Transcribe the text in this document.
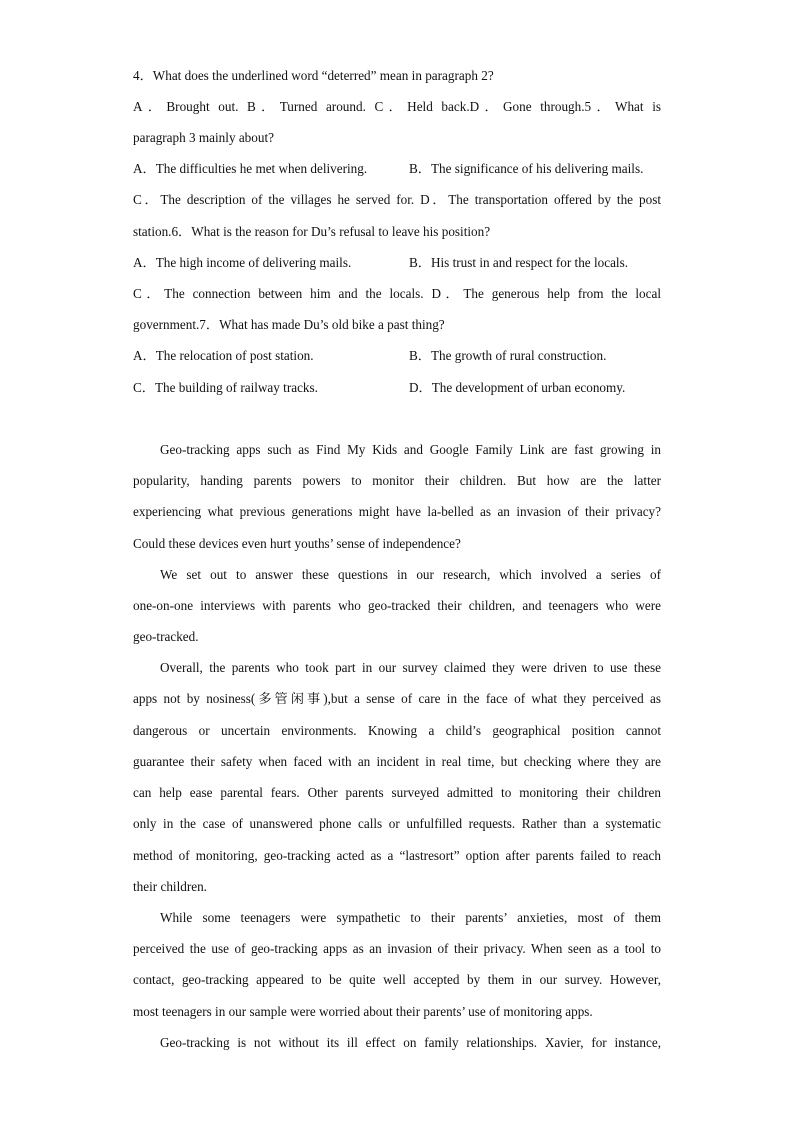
4．What does the underlined word “deterred” mean in paragraph 2?
A．Brought out. B．Turned around. C．Held back.D．Gone through.5．What is
paragraph 3 mainly about?
A．The difficulties he met when delivering.	B．The significance of his delivering mails.
C．The description of the villages he served for. D．The transportation offered by the post
station.6．What is the reason for Du’s refusal to leave his position?
A．The high income of delivering mails.	B．His trust in and respect for the locals.
C．The connection between him and the locals. D．The generous help from the local
government.7．What has made Du’s old bike a past thing?
A．The relocation of post station.	B．The growth of rural construction.
C．The building of railway tracks.	D．The development of urban economy.
Geo-tracking apps such as Find My Kids and Google Family Link are fast growing in
popularity, handing parents powers to monitor their children. But how are the latter
experiencing what previous generations might have la-belled as an invasion of their privacy?
Could these devices even hurt youths’ sense of independence?
We set out to answer these questions in our research, which involved a series of
one-on-one interviews with parents who geo-tracked their children, and teenagers who were
geo-tracked.
Overall, the parents who took part in our survey claimed they were driven to use these
apps not by nosiness(多管闲事),but a sense of care in the face of what they perceived as
dangerous or uncertain environments. Knowing a child’s geographical position cannot
guarantee their safety when faced with an incident in real time, but checking where they are
can help ease parental fears. Other parents surveyed admitted to monitoring their children
only in the case of unanswered phone calls or unfulfilled requests. Rather than a systematic
method of monitoring, geo-tracking acted as a “lastresort” option after parents failed to reach
their children.
While some teenagers were sympathetic to their parents’ anxieties, most of them
perceived the use of geo-tracking apps as an invasion of their privacy. When seen as a tool to
contact, geo-tracking appeared to be quite well accepted by them in our survey. However,
most teenagers in our sample were worried about their parents’ use of monitoring apps.
Geo-tracking is not without its ill effect on family relationships. Xavier, for instance,
